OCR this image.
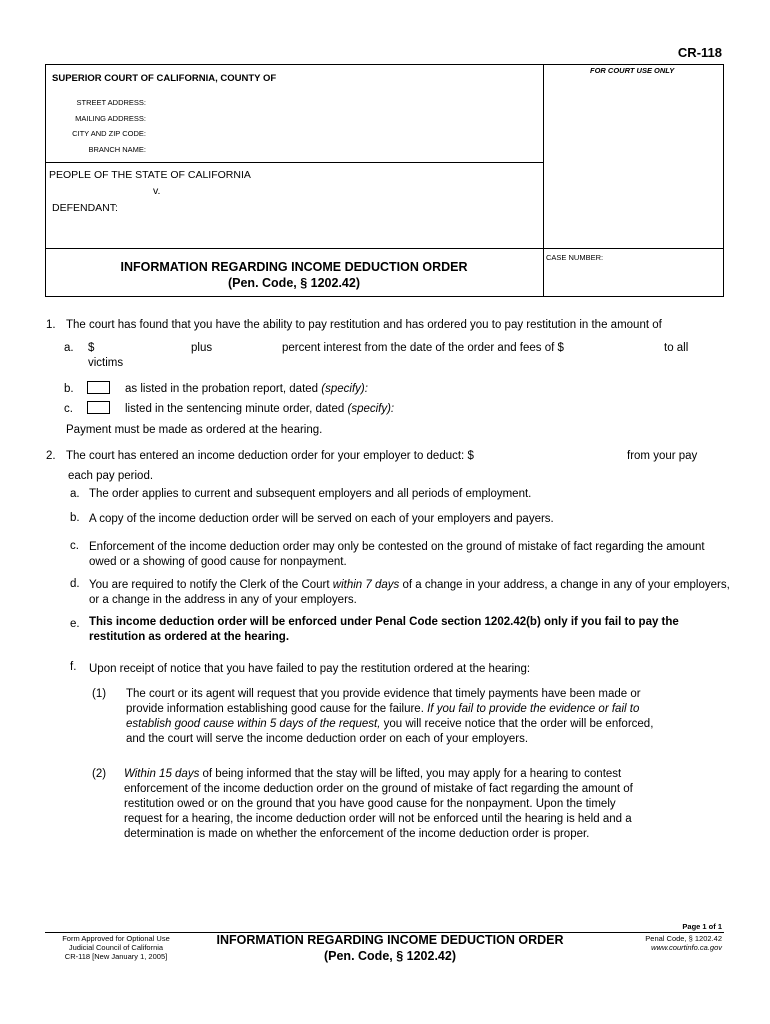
CR-118
SUPERIOR COURT OF CALIFORNIA, COUNTY OF
FOR COURT USE ONLY
STREET ADDRESS:
MAILING ADDRESS:
CITY AND ZIP CODE:
BRANCH NAME:
PEOPLE OF THE STATE OF CALIFORNIA
v.
DEFENDANT:
CASE NUMBER:
INFORMATION REGARDING INCOME DEDUCTION ORDER
(Pen. Code, § 1202.42)
1. The court has found that you have the ability to pay restitution and has ordered you to pay restitution in the amount of
a. $	plus	percent interest from the date of the order and fees of $	to all
victims
b.	as listed in the probation report, dated (specify):
c.	listed in the sentencing minute order, dated (specify):
Payment must be made as ordered at the hearing.
2. The court has entered an income deduction order for your employer to deduct: $	from your pay
each pay period.
a. The order applies to current and subsequent employers and all periods of employment.
b. A copy of the income deduction order will be served on each of your employers and payers.
c. Enforcement of the income deduction order may only be contested on the ground of mistake of fact regarding the amount owed or a showing of good cause for nonpayment.
d. You are required to notify the Clerk of the Court within 7 days of a change in your address, a change in any of your employers, or a change in the address in any of your employers.
e. This income deduction order will be enforced under Penal Code section 1202.42(b) only if you fail to pay the restitution as ordered at the hearing.
f. Upon receipt of notice that you have failed to pay the restitution ordered at the hearing:
(1) The court or its agent will request that you provide evidence that timely payments have been made or provide information establishing good cause for the failure. If you fail to provide the evidence or fail to establish good cause within 5 days of the request, you will receive notice that the order will be enforced, and the court will serve the income deduction order on each of your employers.
(2) Within 15 days of being informed that the stay will be lifted, you may apply for a hearing to contest enforcement of the income deduction order on the ground of mistake of fact regarding the amount of restitution owed or on the ground that you have good cause for the nonpayment. Upon the timely request for a hearing, the income deduction order will not be enforced until the hearing is held and a determination is made on whether the enforcement of the income deduction order is proper.
Page 1 of 1
Form Approved for Optional Use
Judicial Council of California
CR-118 [New January 1, 2005]
INFORMATION REGARDING INCOME DEDUCTION ORDER
(Pen. Code, § 1202.42)
Penal Code, § 1202.42
www.courtinfo.ca.gov
